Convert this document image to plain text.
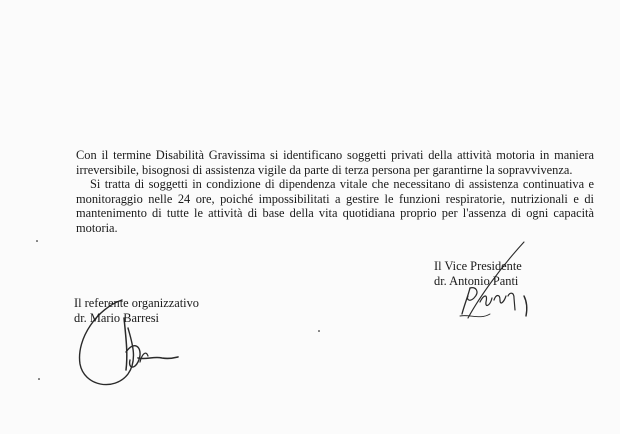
Con il termine Disabilità Gravissima si identificano soggetti privati della attività motoria in maniera irreversibile, bisognosi di assistenza vigile da parte di terza persona per garantirne la sopravvivenza.

Si tratta di soggetti in condizione di dipendenza vitale che necessitano di assistenza continuativa e monitoraggio nelle 24 ore, poiché impossibilitati a gestire le funzioni respiratorie, nutrizionali e di mantenimento di tutte le attività di base della vita quotidiana proprio per l'assenza di ogni capacità motoria.

Il Vice Presidente
dr. Antonio Panti
Il referente organizzativo
dr. Mario Barresi
